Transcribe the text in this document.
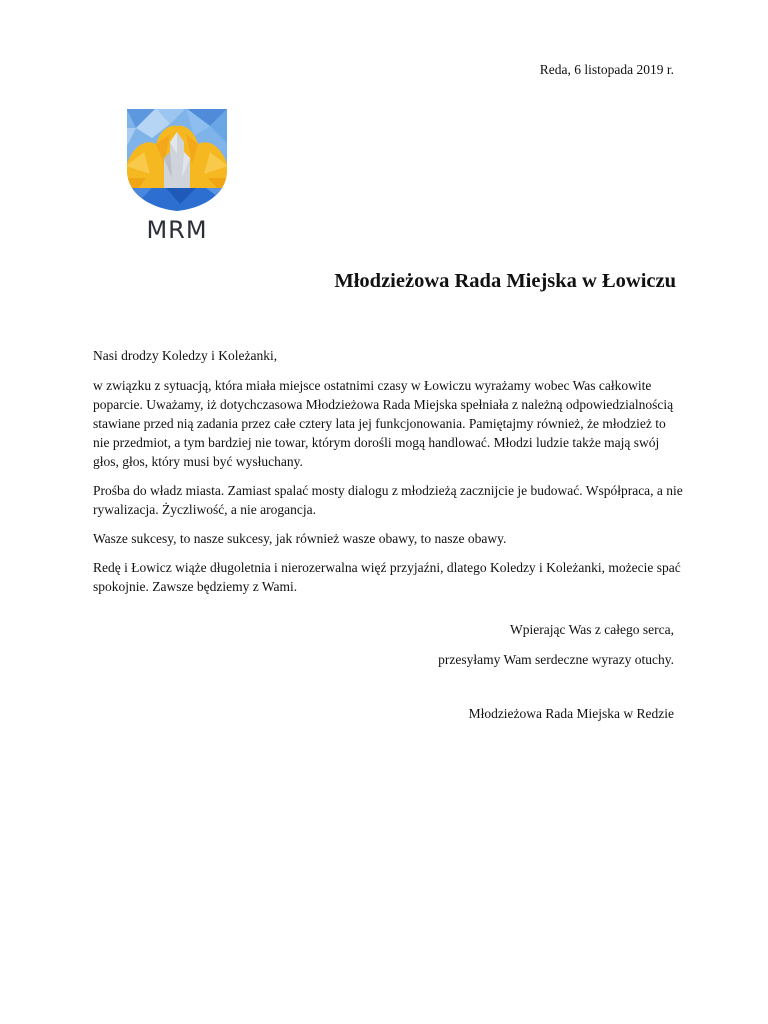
Reda, 6 listopada 2019 r.
MRM
Młodzieżowa Rada Miejska w Łowiczu

Nasi drodzy Koledzy i Koleżanki,

w związku z sytuacją, która miała miejsce ostatnimi czasy w Łowiczu wyrażamy wobec Was całkowite poparcie. Uważamy, iż dotychczasowa Młodzieżowa Rada Miejska spełniała z należną odpowiedzialnością stawiane przed nią zadania przez całe cztery lata jej funkcjonowania. Pamiętajmy również, że młodzież to nie przedmiot, a tym bardziej nie towar, którym dorośli mogą handlować. Młodzi ludzie także mają swój głos, głos, który musi być wysłuchany.

Prośba do władz miasta. Zamiast spalać mosty dialogu z młodzieżą zacznijcie je budować. Współpraca, a nie rywalizacja. Życzliwość, a nie arogancja.

Wasze sukcesy, to nasze sukcesy, jak również wasze obawy, to nasze obawy.

Redę i Łowicz wiąże długoletnia i nierozerwalna więź przyjaźni, dlatego Koledzy i Koleżanki, możecie spać spokojnie. Zawsze będziemy z Wami.

Wpierając Was z całego serca,
przesyłamy Wam serdeczne wyrazy otuchy.
Młodzieżowa Rada Miejska w Redzie
